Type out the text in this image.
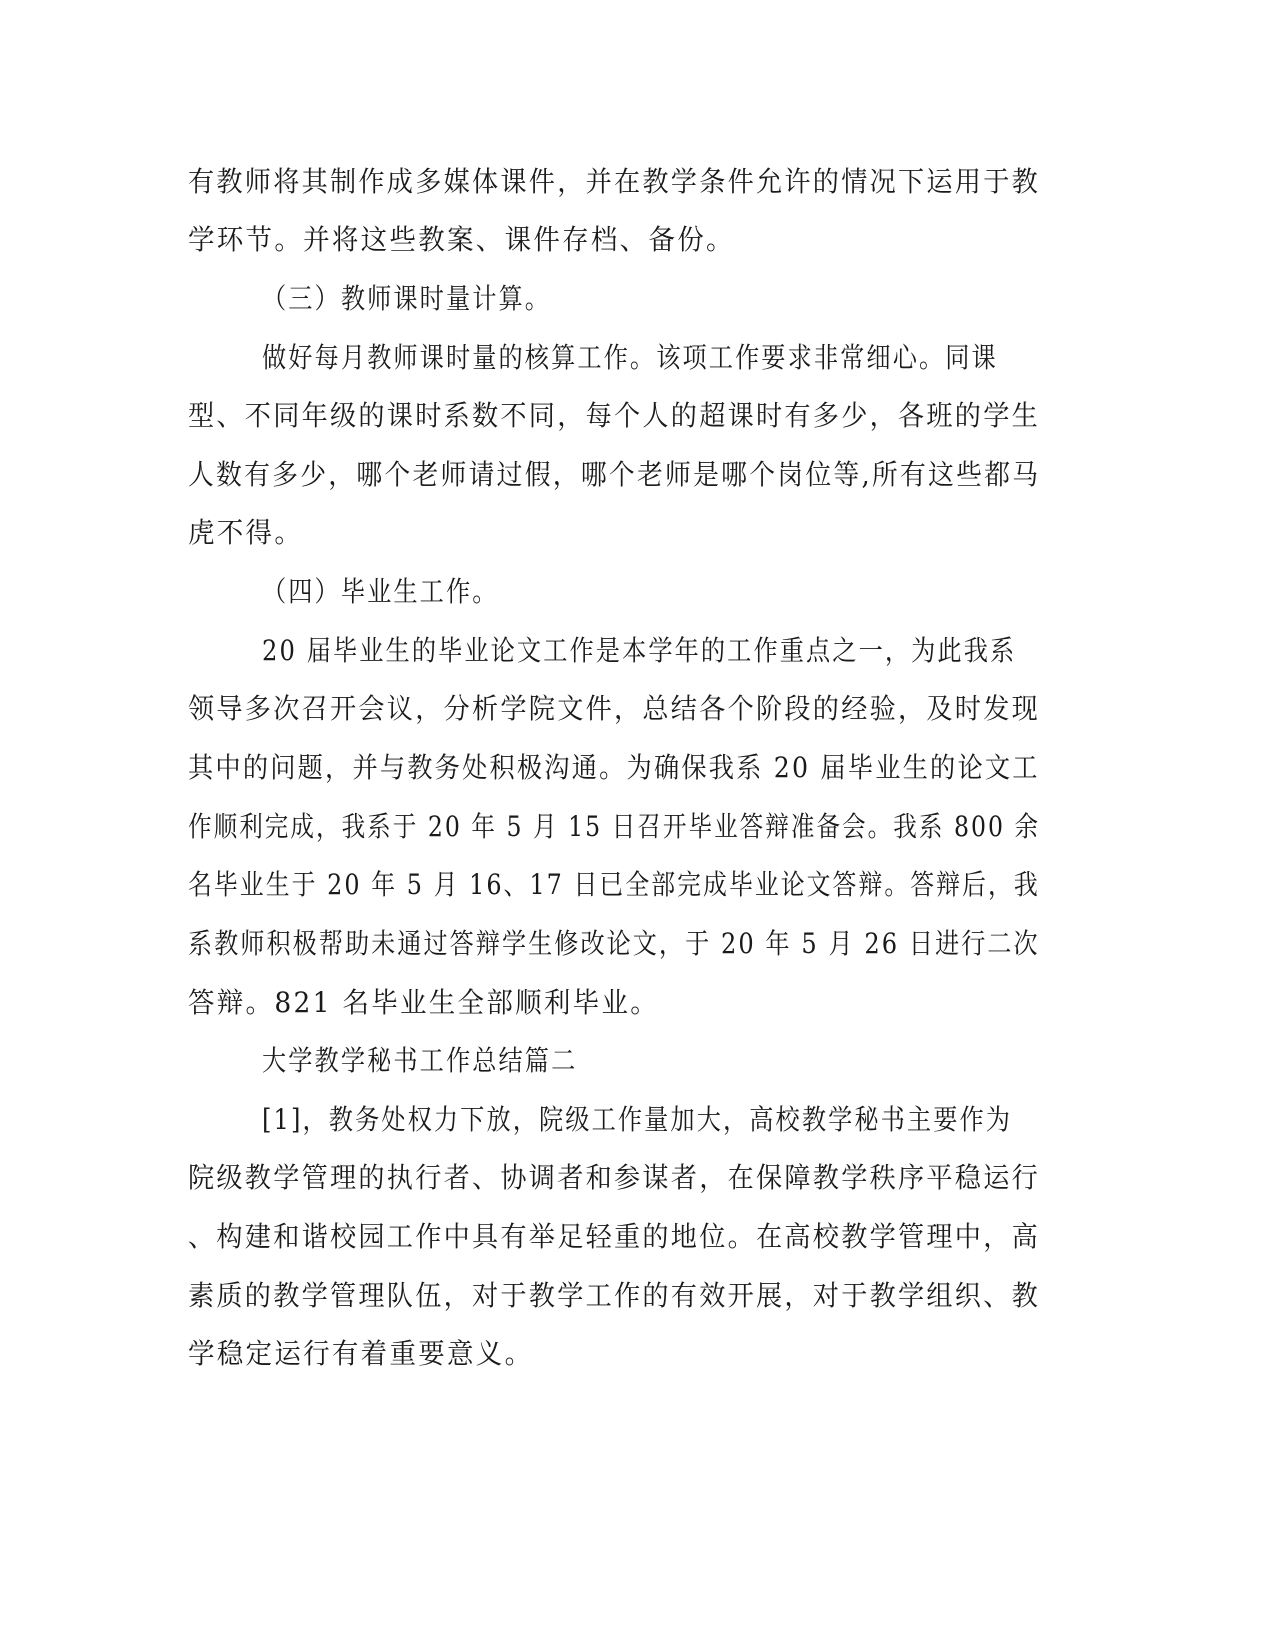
有教师将其制作成多媒体课件，并在教学条件允许的情况下运用于教
学环节。并将这些教案、课件存档、备份。
（三）教师课时量计算。
做好每月教师课时量的核算工作。该项工作要求非常细心。同课
型、不同年级的课时系数不同，每个人的超课时有多少，各班的学生
人数有多少，哪个老师请过假，哪个老师是哪个岗位等,所有这些都马
虎不得。
（四）毕业生工作。
20 届毕业生的毕业论文工作是本学年的工作重点之一，为此我系
领导多次召开会议，分析学院文件，总结各个阶段的经验，及时发现
其中的问题，并与教务处积极沟通。为确保我系 20 届毕业生的论文工
作顺利完成，我系于 20 年 5 月 15 日召开毕业答辩准备会。我系 800 余
名毕业生于 20 年 5 月 16、17 日已全部完成毕业论文答辩。答辩后，我
系教师积极帮助未通过答辩学生修改论文，于 20 年 5 月 26 日进行二次
答辩。821 名毕业生全部顺利毕业。
大学教学秘书工作总结篇二
[1]，教务处权力下放，院级工作量加大，高校教学秘书主要作为
院级教学管理的执行者、协调者和参谋者，在保障教学秩序平稳运行
、构建和谐校园工作中具有举足轻重的地位。在高校教学管理中，高
素质的教学管理队伍，对于教学工作的有效开展，对于教学组织、教
学稳定运行有着重要意义。
